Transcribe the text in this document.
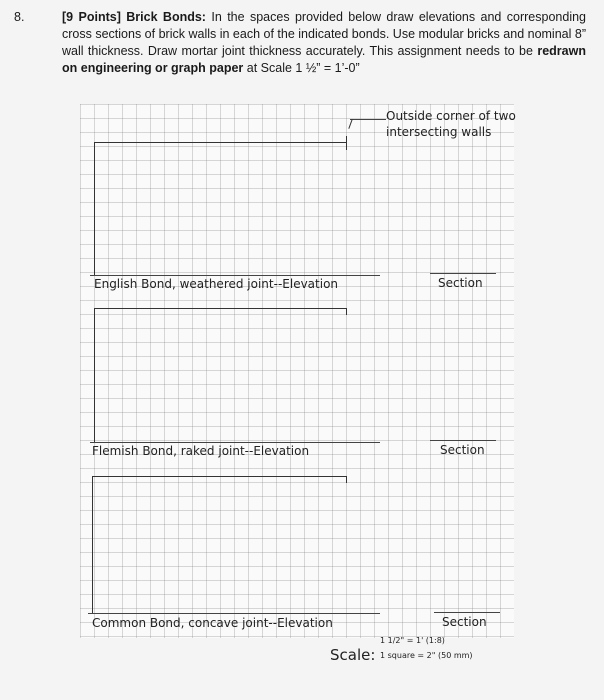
8.	[9 Points] Brick Bonds: In the spaces provided below draw elevations and corresponding cross sections of brick walls in each of the indicated bonds. Use modular bricks and nominal 8” wall thickness. Draw mortar joint thickness accurately. This assignment needs to be redrawn on engineering or graph paper at Scale 1 ½” = 1’-0”
Outside corner of two
intersecting walls
English Bond, weathered joint--Elevation	Section
Flemish Bond, raked joint--Elevation	Section
Common Bond, concave joint--Elevation	Section
1 1/2" = 1' (1:8)
Scale: 1 square = 2" (50 mm)
